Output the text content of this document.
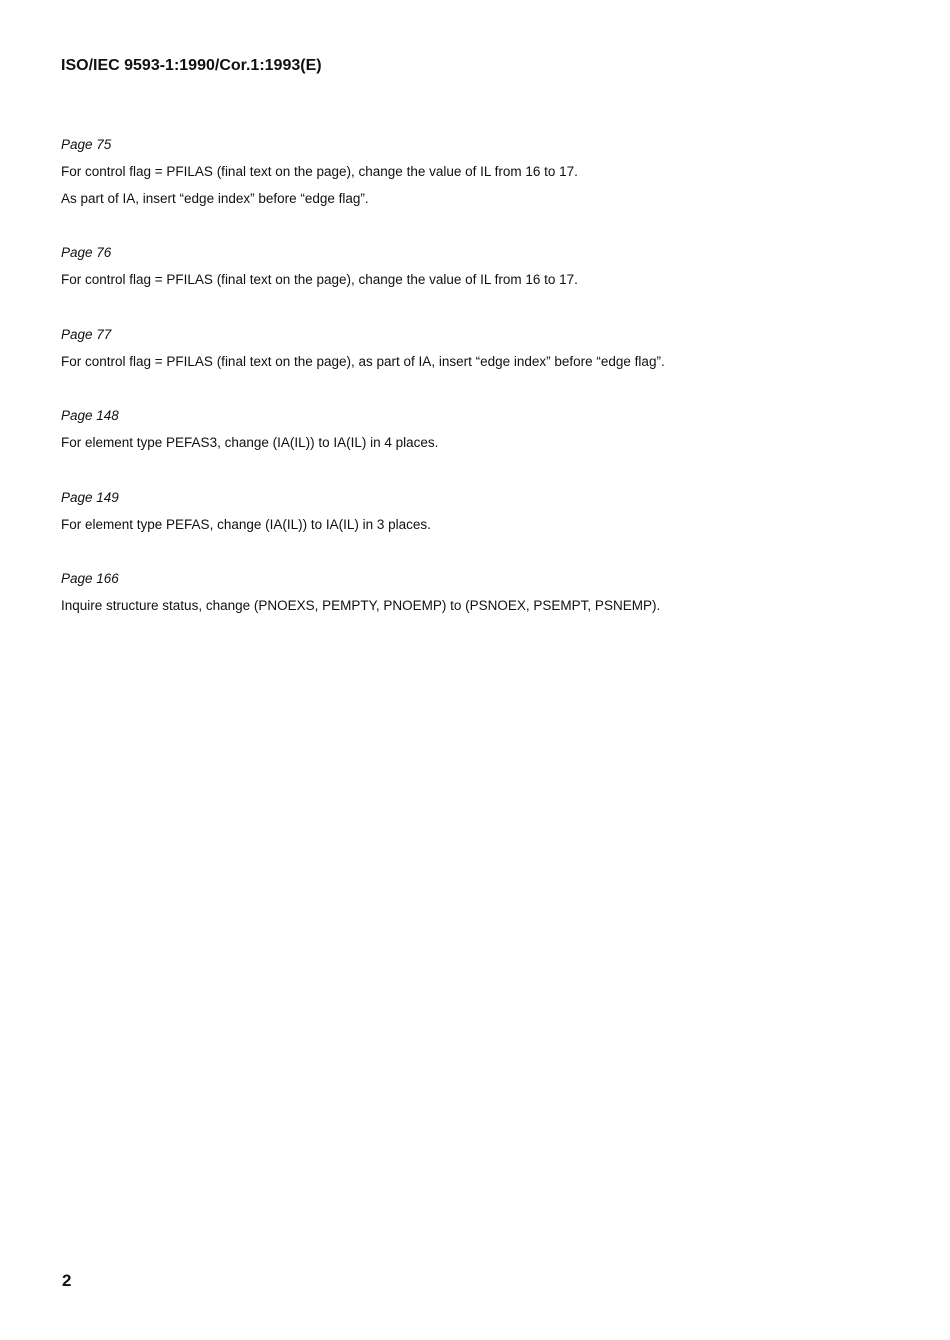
ISO/IEC 9593-1:1990/Cor.1:1993(E)
Page 75
For control flag = PFILAS (final text on the page), change the value of IL from 16 to 17.
As part of IA, insert “edge index” before “edge flag”.
Page 76
For control flag = PFILAS (final text on the page), change the value of IL from 16 to 17.
Page 77
For control flag = PFILAS (final text on the page), as part of IA, insert “edge index” before “edge flag”.
Page 148
For element type PEFAS3, change (IA(IL)) to IA(IL) in 4 places.
Page 149
For element type PEFAS, change (IA(IL)) to IA(IL) in 3 places.
Page 166
Inquire structure status, change (PNOEXS, PEMPTY, PNOEMP) to (PSNOEX, PSEMPT, PSNEMP).
2
